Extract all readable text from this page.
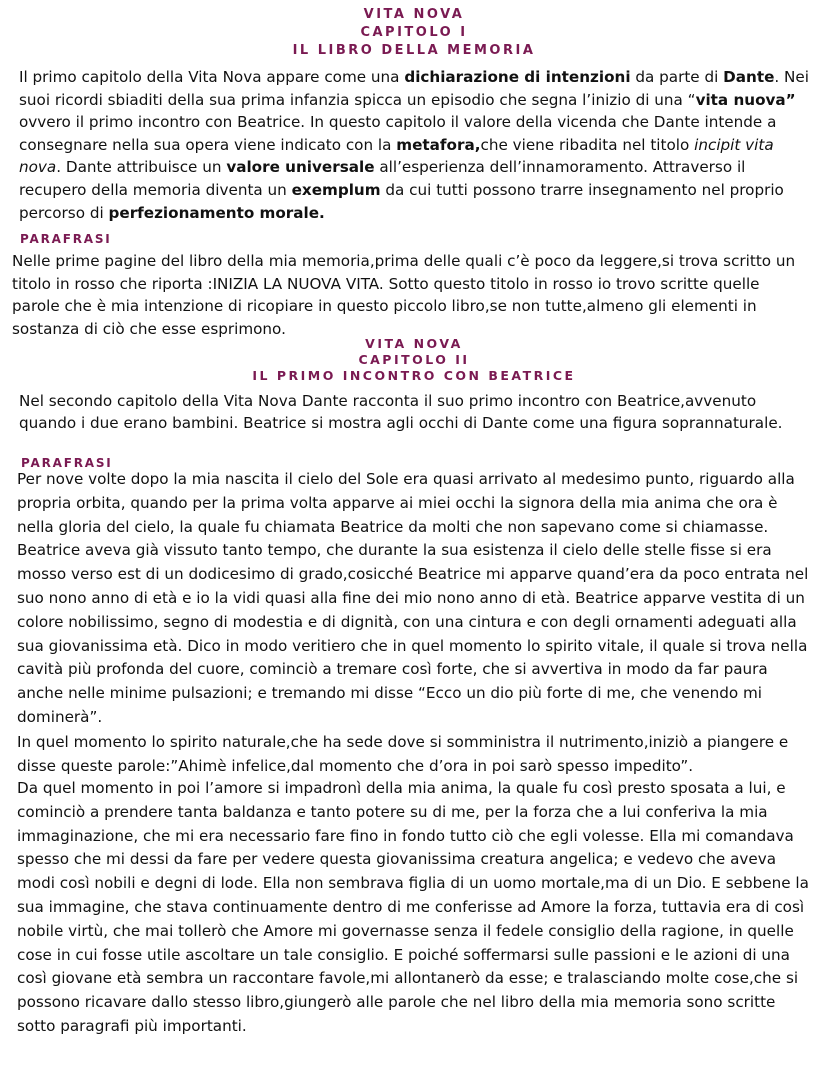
VITA NOVA
CAPITOLO I
IL LIBRO DELLA MEMORIA

Il primo capitolo della Vita Nova appare come una dichiarazione di intenzioni da parte di Dante. Nei suoi ricordi sbiaditi della sua prima infanzia spicca un episodio che segna l’inizio di una “vita nuova” ovvero il primo incontro con Beatrice. In questo capitolo il valore della vicenda che Dante intende a consegnare nella sua opera viene indicato con la metafora,che viene ribadita nel titolo incipit vita nova. Dante attribuisce un valore universale all’esperienza dell’innamoramento. Attraverso il recupero della memoria diventa un exemplum da cui tutti possono trarre insegnamento nel proprio percorso di perfezionamento morale.

PARAFRASI

Nelle prime pagine del libro della mia memoria,prima delle quali c’è poco da leggere,si trova scritto un titolo in rosso che riporta :INIZIA LA NUOVA VITA. Sotto questo titolo in rosso io trovo scritte quelle parole che è mia intenzione di ricopiare in questo piccolo libro,se non tutte,almeno gli elementi in sostanza di ciò che esse esprimono.

VITA NOVA
CAPITOLO II
IL PRIMO INCONTRO CON BEATRICE

Nel secondo capitolo della Vita Nova Dante racconta il suo primo incontro con Beatrice,avvenuto quando i due erano bambini. Beatrice si mostra agli occhi di Dante come una figura soprannaturale.

PARAFRASI

Per nove volte dopo la mia nascita il cielo del Sole era quasi arrivato al medesimo punto, riguardo alla propria orbita, quando per la prima volta apparve ai miei occhi la signora della mia anima che ora è nella gloria del cielo, la quale fu chiamata Beatrice da molti che non sapevano come si chiamasse. Beatrice aveva già vissuto tanto tempo, che durante la sua esistenza il cielo delle stelle fisse si era mosso verso est di un dodicesimo di grado,cosicché Beatrice mi apparve quand’era da poco entrata nel suo nono anno di età e io la vidi quasi alla fine dei mio nono anno di età. Beatrice apparve vestita di un colore nobilissimo, segno di modestia e di dignità, con una cintura e con degli ornamenti adeguati alla sua giovanissima età. Dico in modo veritiero che in quel momento lo spirito vitale, il quale si trova nella cavità più profonda del cuore, cominciò a tremare così forte, che si avvertiva in modo da far paura anche nelle minime pulsazioni; e tremando mi disse “Ecco un dio più forte di me, che venendo mi dominerà”.

In quel momento lo spirito naturale,che ha sede dove si somministra il nutrimento,iniziò a piangere e disse queste parole:”Ahimè infelice,dal momento che d’ora in poi sarò spesso impedito”.

Da quel momento in poi l’amore si impadronì della mia anima, la quale fu così presto sposata a lui, e cominciò a prendere tanta baldanza e tanto potere su di me, per la forza che a lui conferiva la mia immaginazione, che mi era necessario fare fino in fondo tutto ciò che egli volesse. Ella mi comandava spesso che mi dessi da fare per vedere questa giovanissima creatura angelica; e vedevo che aveva modi così nobili e degni di lode. Ella non sembrava figlia di un uomo mortale,ma di un Dio. E sebbene la sua immagine, che stava continuamente dentro di me conferisse ad Amore la forza, tuttavia era di così nobile virtù, che mai tollerò che Amore mi governasse senza il fedele consiglio della ragione, in quelle cose in cui fosse utile ascoltare un tale consiglio. E poiché soffermarsi sulle passioni e le azioni di una così giovane età sembra un raccontare favole,mi allontanerò da esse; e tralasciando molte cose,che si possono ricavare dallo stesso libro,giungerò alle parole che nel libro della mia memoria sono scritte sotto paragrafi più importanti.
